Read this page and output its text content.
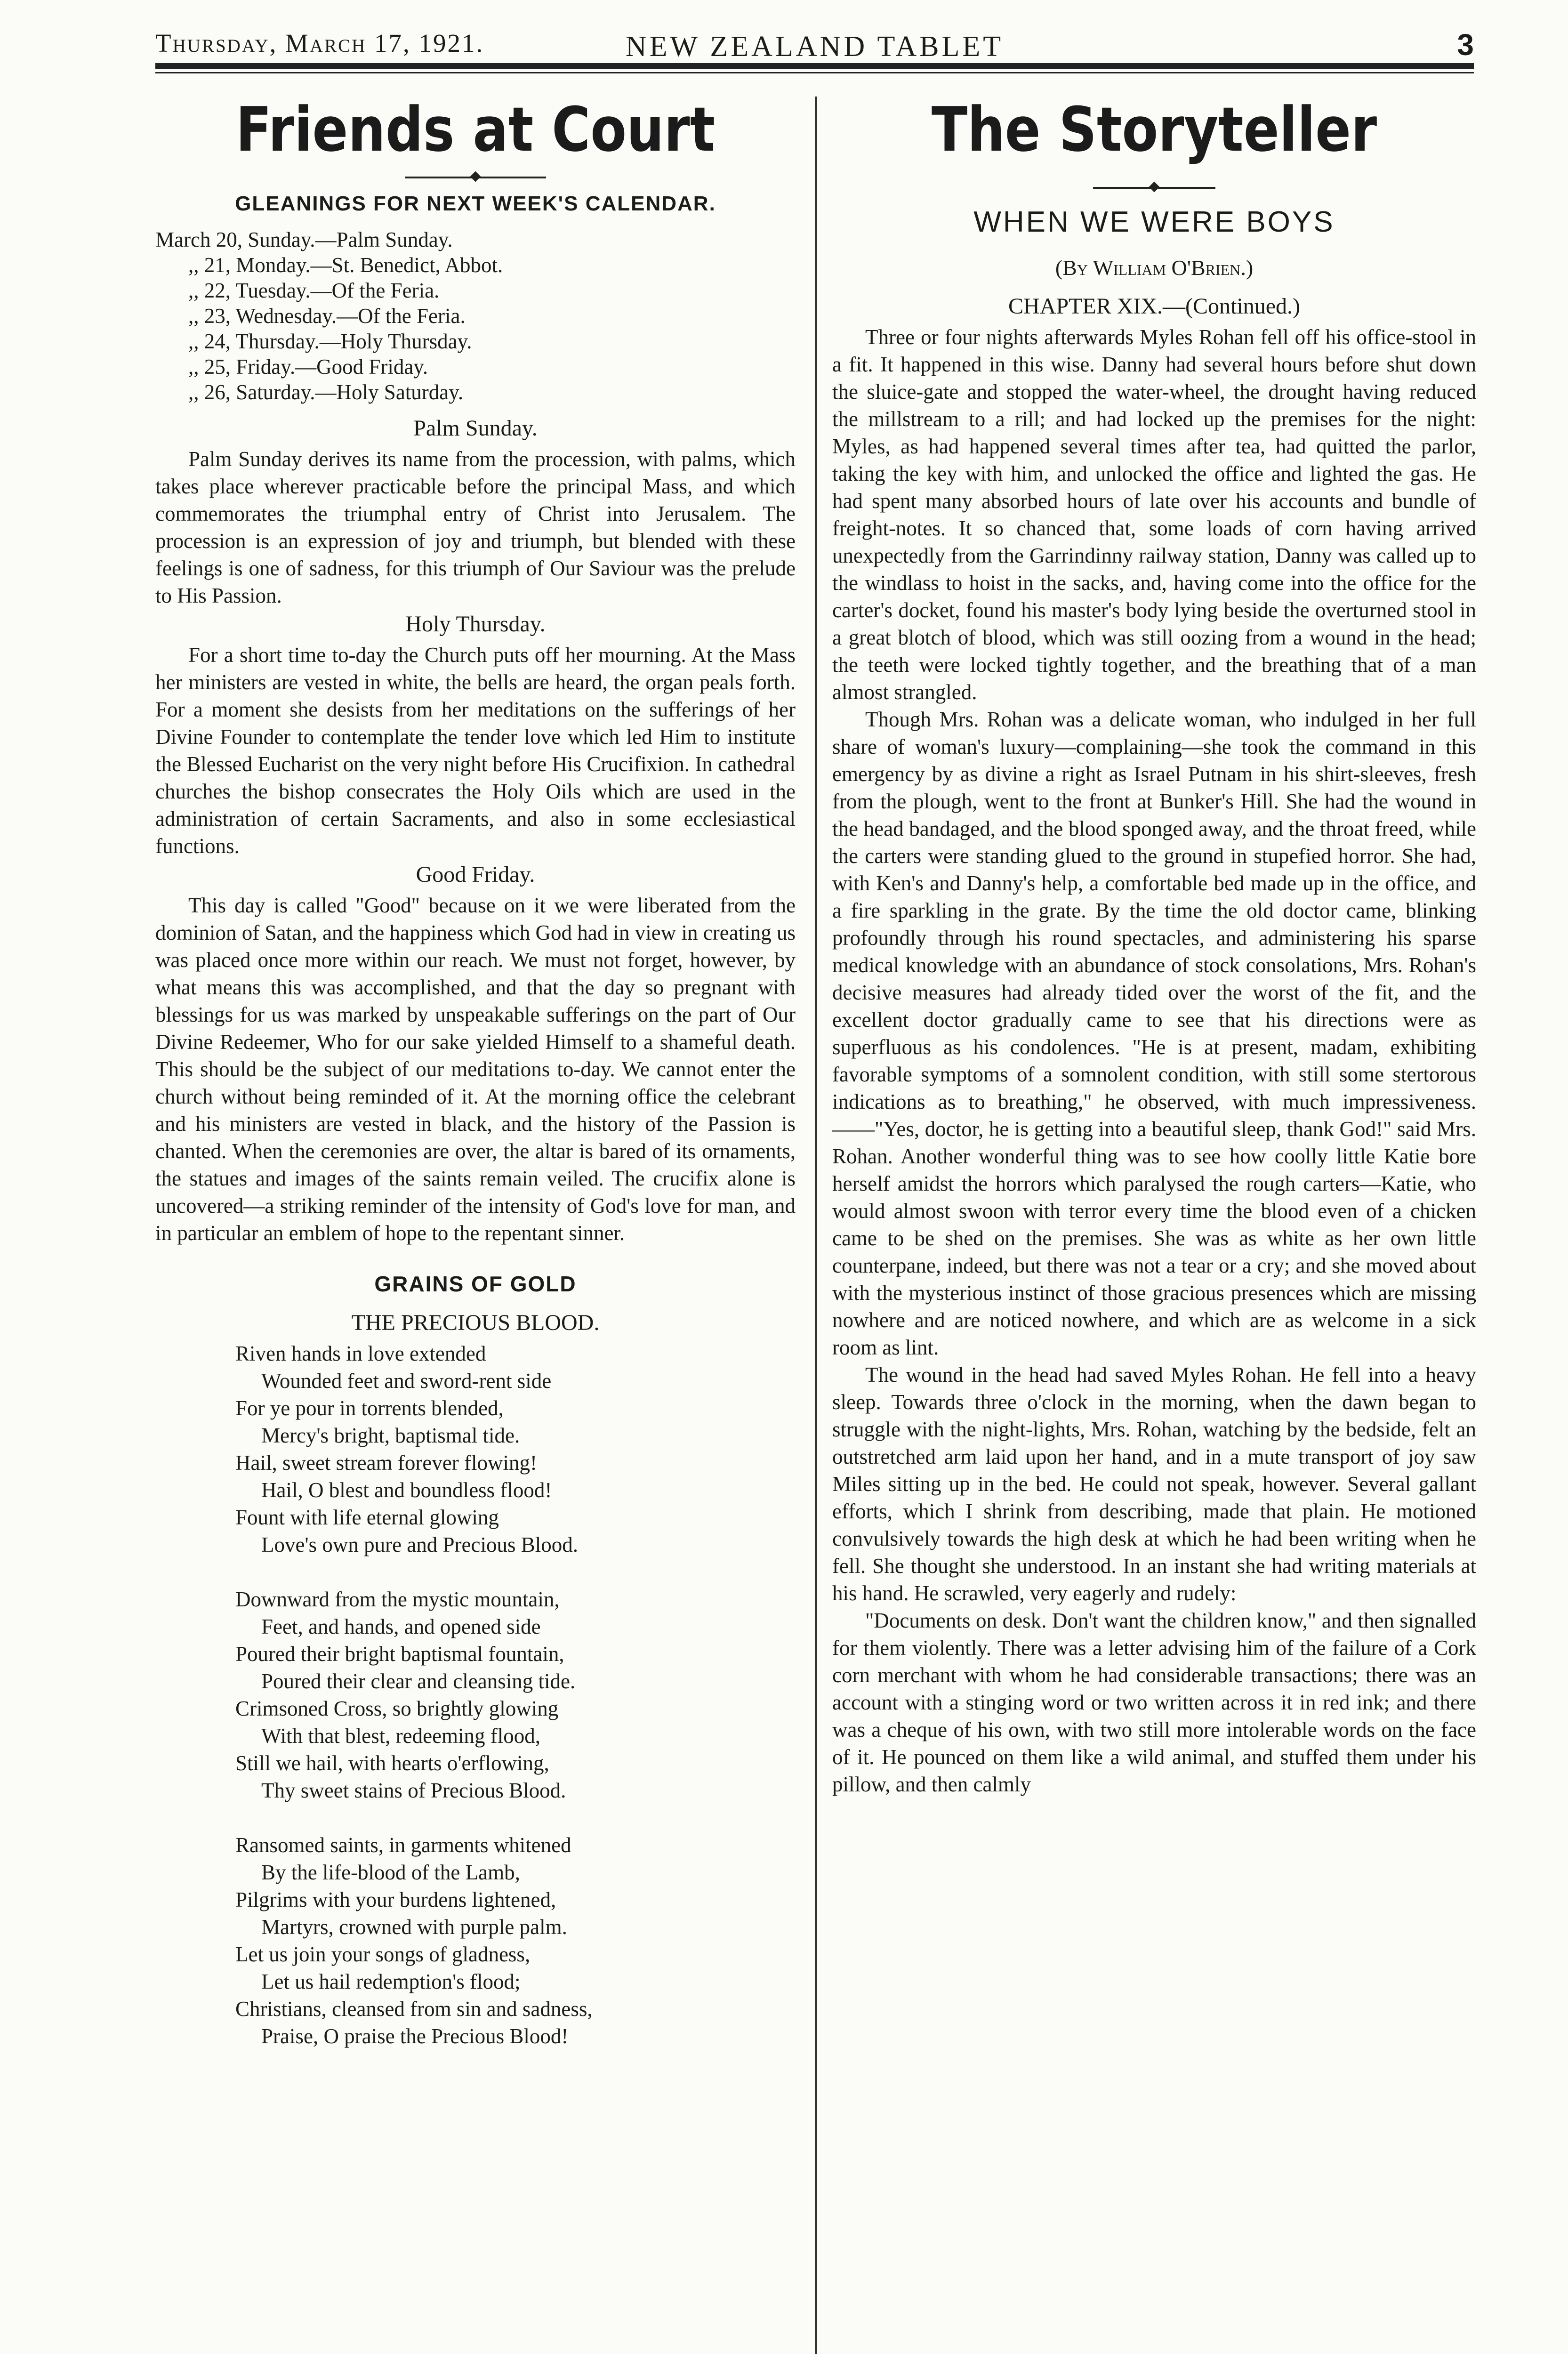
Thursday, March 17, 1921.	NEW ZEALAND TABLET	3
Friends at Court
GLEANINGS FOR NEXT WEEK'S CALENDAR.
March 20, Sunday.—Palm Sunday.
,, 21, Monday.—St. Benedict, Abbot.
,, 22, Tuesday.—Of the Feria.
,, 23, Wednesday.—Of the Feria.
,, 24, Thursday.—Holy Thursday.
,, 25, Friday.—Good Friday.
,, 26, Saturday.—Holy Saturday.
Palm Sunday.

Palm Sunday derives its name from the procession, with palms, which takes place wherever practicable before the principal Mass, and which commemorates the triumphal entry of Christ into Jerusalem. The procession is an expression of joy and triumph, but blended with these feelings is one of sadness, for this triumph of Our Saviour was the prelude to His Passion.

Holy Thursday.

For a short time to-day the Church puts off her mourning. At the Mass her ministers are vested in white, the bells are heard, the organ peals forth. For a moment she desists from her meditations on the sufferings of her Divine Founder to contemplate the tender love which led Him to institute the Blessed Eucharist on the very night before His Crucifixion. In cathedral churches the bishop consecrates the Holy Oils which are used in the administration of certain Sacraments, and also in some ecclesiastical functions.

Good Friday.

This day is called "Good" because on it we were liberated from the dominion of Satan, and the happiness which God had in view in creating us was placed once more within our reach. We must not forget, however, by what means this was accomplished, and that the day so pregnant with blessings for us was marked by unspeakable sufferings on the part of Our Divine Redeemer, Who for our sake yielded Himself to a shameful death. This should be the subject of our meditations to-day. We cannot enter the church without being reminded of it. At the morning office the celebrant and his ministers are vested in black, and the history of the Passion is chanted. When the ceremonies are over, the altar is bared of its ornaments, the statues and images of the saints remain veiled. The crucifix alone is uncovered—a striking reminder of the intensity of God's love for man, and in particular an emblem of hope to the repentant sinner.

GRAINS OF GOLD
THE PRECIOUS BLOOD.
Riven hands in love extended
Wounded feet and sword-rent side
For ye pour in torrents blended,
Mercy's bright, baptismal tide.
Hail, sweet stream forever flowing!
Hail, O blest and boundless flood!
Fount with life eternal glowing
Love's own pure and Precious Blood.
Downward from the mystic mountain,
Feet, and hands, and opened side
Poured their bright baptismal fountain,
Poured their clear and cleansing tide.
Crimsoned Cross, so brightly glowing
With that blest, redeeming flood,
Still we hail, with hearts o'erflowing,
Thy sweet stains of Precious Blood.
Ransomed saints, in garments whitened
By the life-blood of the Lamb,
Pilgrims with your burdens lightened,
Martyrs, crowned with purple palm.
Let us join your songs of gladness,
Let us hail redemption's flood;
Christians, cleansed from sin and sadness,
Praise, O praise the Precious Blood!
The Storyteller
WHEN WE WERE BOYS
(By William O'Brien.)
CHAPTER XIX.—(Continued.)

Three or four nights afterwards Myles Rohan fell off his office-stool in a fit. It happened in this wise. Danny had several hours before shut down the sluice-gate and stopped the water-wheel, the drought having reduced the millstream to a rill; and had locked up the premises for the night: Myles, as had happened several times after tea, had quitted the parlor, taking the key with him, and unlocked the office and lighted the gas. He had spent many absorbed hours of late over his accounts and bundle of freight-notes. It so chanced that, some loads of corn having arrived unexpectedly from the Garrindinny railway station, Danny was called up to the windlass to hoist in the sacks, and, having come into the office for the carter's docket, found his master's body lying beside the overturned stool in a great blotch of blood, which was still oozing from a wound in the head; the teeth were locked tightly together, and the breathing that of a man almost strangled.

Though Mrs. Rohan was a delicate woman, who indulged in her full share of woman's luxury—complaining—she took the command in this emergency by as divine a right as Israel Putnam in his shirt-sleeves, fresh from the plough, went to the front at Bunker's Hill. She had the wound in the head bandaged, and the blood sponged away, and the throat freed, while the carters were standing glued to the ground in stupefied horror. She had, with Ken's and Danny's help, a comfortable bed made up in the office, and a fire sparkling in the grate. By the time the old doctor came, blinking profoundly through his round spectacles, and administering his sparse medical knowledge with an abundance of stock consolations, Mrs. Rohan's decisive measures had already tided over the worst of the fit, and the excellent doctor gradually came to see that his directions were as superfluous as his condolences. "He is at present, madam, exhibiting favorable symptoms of a somnolent condition, with still some stertorous indications as to breathing," he observed, with much impressiveness.——"Yes, doctor, he is getting into a beautiful sleep, thank God!" said Mrs. Rohan. Another wonderful thing was to see how coolly little Katie bore herself amidst the horrors which paralysed the rough carters—Katie, who would almost swoon with terror every time the blood even of a chicken came to be shed on the premises. She was as white as her own little counterpane, indeed, but there was not a tear or a cry; and she moved about with the mysterious instinct of those gracious presences which are missing nowhere and are noticed nowhere, and which are as welcome in a sick room as lint.

The wound in the head had saved Myles Rohan. He fell into a heavy sleep. Towards three o'clock in the morning, when the dawn began to struggle with the night-lights, Mrs. Rohan, watching by the bedside, felt an outstretched arm laid upon her hand, and in a mute transport of joy saw Miles sitting up in the bed. He could not speak, however. Several gallant efforts, which I shrink from describing, made that plain. He motioned convulsively towards the high desk at which he had been writing when he fell. She thought she understood. In an instant she had writing materials at his hand. He scrawled, very eagerly and rudely:

"Documents on desk. Don't want the children know," and then signalled for them violently. There was a letter advising him of the failure of a Cork corn merchant with whom he had considerable transactions; there was an account with a stinging word or two written across it in red ink; and there was a cheque of his own, with two still more intolerable words on the face of it. He pounced on them like a wild animal, and stuffed them under his pillow, and then calmly
